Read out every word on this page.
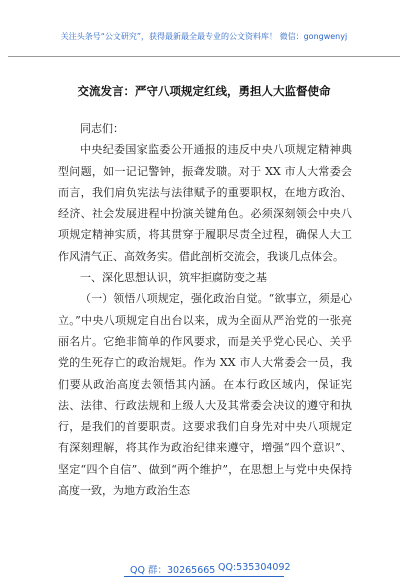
关注头条号“公文研究”，获得最新最全最专业的公文资料库！ 微信：gongwenyj
交流发言：严守八项规定红线，勇担人大监督使命

同志们：

中央纪委国家监委公开通报的违反中央八项规定精神典型问题，如一记记警钟，振聋发聩。对于 XX 市人大常委会而言，我们肩负宪法与法律赋予的重要职权，在地方政治、经济、社会发展进程中扮演关键角色。必须深刻领会中央八项规定精神实质，将其贯穿于履职尽责全过程，确保人大工作风清气正、高效务实。借此剖析交流会，我谈几点体会。

一、深化思想认识，筑牢拒腐防变之基

（一）领悟八项规定，强化政治自觉。“欲事立，须是心立。”中央八项规定自出台以来，成为全面从严治党的一张亮丽名片。它绝非简单的作风要求，而是关乎党心民心、关乎党的生死存亡的政治规矩。作为 XX 市人大常委会一员，我们要从政治高度去领悟其内涵。在本行政区域内，保证宪法、法律、行政法规和上级人大及其常委会决议的遵守和执行，是我们的首要职责。这要求我们自身先对中央八项规定有深刻理解，将其作为政治纪律来遵守，增强“四个意识”、坚定“四个自信”、做到“两个维护”，在思想上与党中央保持高度一致，为地方政治生态

QQ 群：30265665 QQ:535304092
